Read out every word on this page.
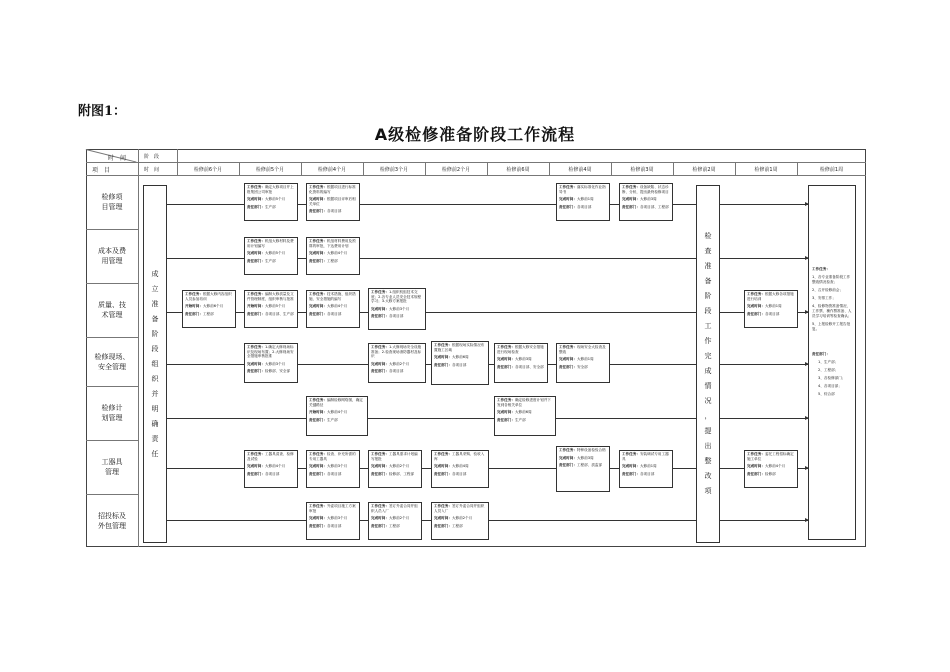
附图1：
A级检修准备阶段工作流程
时　间
项　目
阶　段
时　间	检修前6个月	检修前5个月	检修前4个月	检修前3个月	检修前2个月	检修前6周	检修前4周	检修前3周	检修前2周	检修前1周	检修前1周
检修项
目管理
成本及费
用管理
质量、技
术管理
检修现场、
安全管理
检修计
划管理
工器具
管理
招投标及
外包管理
成
立
准
备
阶
段
组
织
并
明
确
责
任
检
查
准
备
阶
段
工
作
完
成
情
况
，
提
出
整
改
项
工作任务：
1、各专业准备阶段工作整改情况检查；
2、召开检修前会；
3、安排工作；
4、检修物资准备情况、工作票、操作票准备、人员学习培训等检查确认；
5、上报检修开工报告批复。
责任部门：
1、生产部；
2、工程部；
3、各检修部门；
4、各项目部；
5、综合部
工作任务：确定大修项目并上报集团公司审批
完成时间：大修前5个月
责任部门：生产部
工作任务：根据项目进行标准化资料的编写
完成时间：根据项目评审后相关单位
责任部门：各项目部
工作任务：落实标准化作业指导书
完成时间：大修前1周
责任部门：各项目部
工作任务：设备缺陷、状态诊断、分析，提出最终检修项目
完成时间：大修前3周
责任部门：各项目部、工程部
工作任务：机组大修材料及费用计划编写
完成时间：大修前5个月
责任部门：生产部
工作任务：机组材料费用及预算的审批，下达费用计划
完成时间：大修前4个月
责任部门：工程部
工作任务：根据大修内容组织人员参加培训
开始时间：大修前6个月
责任部门：工程部
工作任务：编制大修质量及文件管理制度，组织审核与批准
开始时间：大修前5个月
责任部门：各项目部、生产部
工作任务：技术措施、组织措施、安全措施的编写
完成时间：大修前4个月
责任部门：各项目部
工作任务：1.组织机组技术交底；2.各专业人员安全技术规程学习；3.大修方案报批
完成时间：大修前3个月
责任部门：各项目部
工作任务：根据大修各项措施进行培训
完成时间：大修前1周
责任部门：各项目部
工作任务：1.确定大修现场标识及现场布置；2.大修现场安全措施审核批准
完成时间：大修前3个月
责任部门：检修部、安全部
工作任务：1.大修现场安全设施准备；2.检查现场消防器材及标识
完成时间：大修前2个月
责任部门：各项目部
工作任务：根据现场实际情况布置施工区域
完成时间：大修前6周
责任部门：各项目部
工作任务：根据大修安全措施进行现场检查
完成时间：大修前3周
责任部门：各项目部、安全部
工作任务：现场安全大检查及整改
完成时间：大修前1周
责任部门：安全部
工作任务：编制检修网络图，确定关键路径
开始时间：大修前4个月
责任部门：生产部
工作任务：确定检修进度计划并下发到各相关单位
完成时间：大修前6周
责任部门：生产部
工作任务：工器具清查、检修及试验
完成时间：大修前4个月
责任部门：各项目部
工作任务：检查、补充所需的专用工器具
完成时间：大修前3个月
责任部门：各项目部
工作任务：工器具需求计划编写报批
完成时间：大修前2个月
责任部门：检修部、工程部
工作任务：工器具采购、验收入库
完成时间：大修前4周
责任部门：各项目部
工作任务：特种设备检验合格
完成时间：大修前3周
责任部门：工程部、质监部
工作任务：安装调试专用工器具
完成时间：大修前1周
责任部门：各项目部
工作任务：委托工程招标确定施工单位
完成时间：大修前4个月
责任部门：检修部
工作任务：外委项目施工方案审批
完成时间：大修前3个月
责任部门：各项目部
工作任务：签订外委合同并组织人员入厂
完成时间：大修前2个月
责任部门：工程部
工作任务：签订外委合同并组织人员入厂
完成时间：大修前2个月
责任部门：工程部
